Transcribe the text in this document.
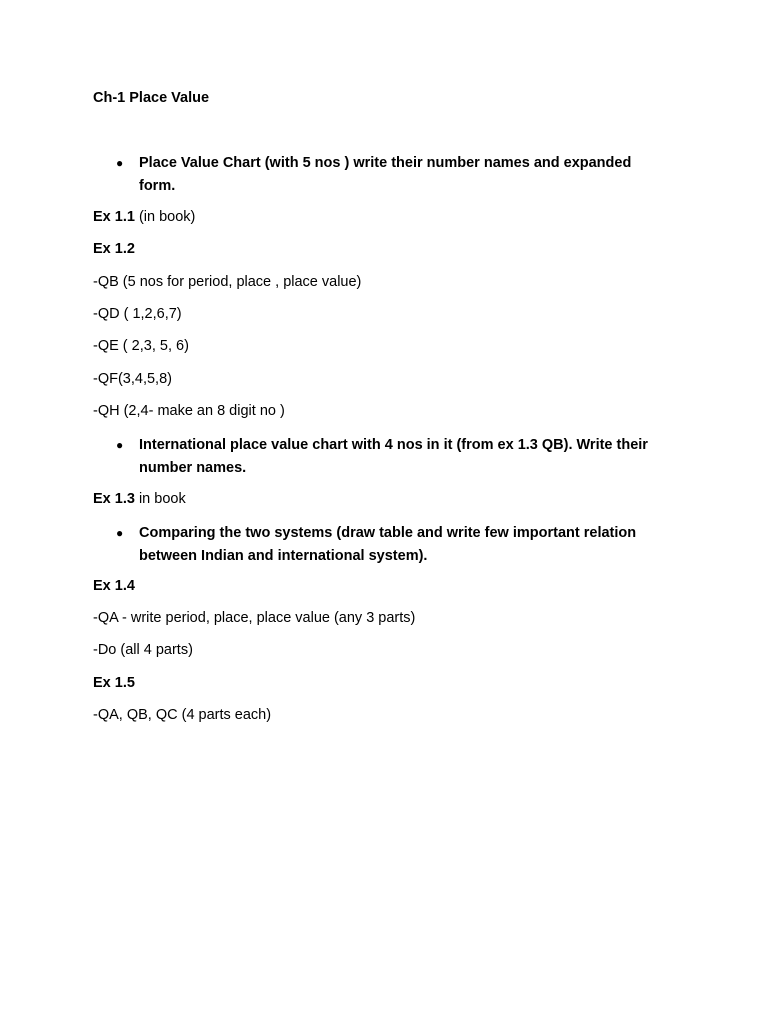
Ch-1 Place Value
●	Place Value Chart (with 5 nos ) write their number names and expanded form.
Ex 1.1 (in book)
Ex 1.2
-QB (5 nos for period, place , place value)
-QD ( 1,2,6,7)
-QE ( 2,3, 5, 6)
-QF(3,4,5,8)
-QH (2,4- make an 8 digit no )
●	International place value chart with 4 nos in it (from ex 1.3 QB). Write their number names.
Ex 1.3 in book
●	Comparing the two systems (draw table and write few important relation between Indian and international system).
Ex 1.4
-QA - write period, place, place value (any 3 parts)
-Do (all 4 parts)
Ex 1.5
-QA, QB, QC (4 parts each)
